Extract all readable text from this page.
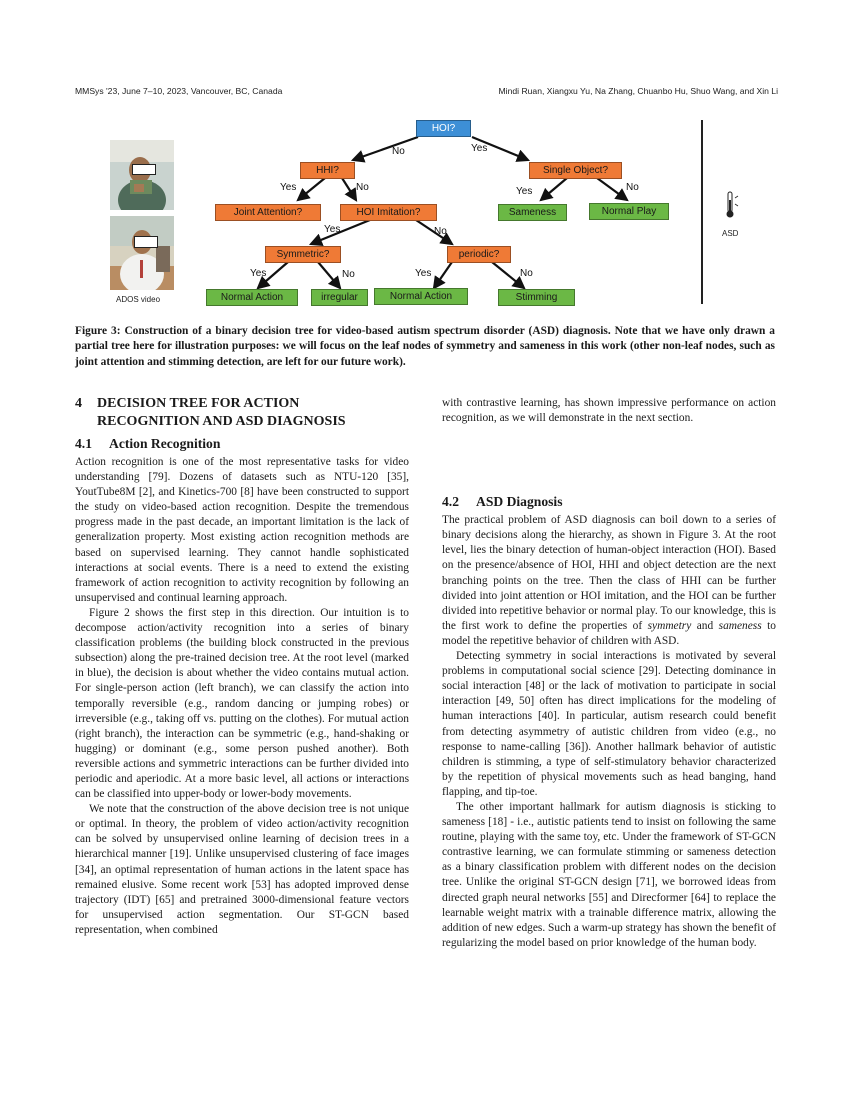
MMSys '23, June 7–10, 2023, Vancouver, BC, Canada	Mindi Ruan, Xiangxu Yu, Na Zhang, Chuanbo Hu, Shuo Wang, and Xin Li
ADOS video
HOI?
HHI?	Single Object?
Joint Attention?	HOI Imitation?	Sameness	Normal Play
Symmetric?	periodic?
Normal Action	irregular	Normal Action	Stimming
No	Yes
Yes	No	Yes	No
Yes	No
Yes	No	Yes	No
ASD
Figure 3: Construction of a binary decision tree for video-based autism spectrum disorder (ASD) diagnosis. Note that we have only drawn a partial tree here for illustration purposes: we will focus on the leaf nodes of symmetry and sameness in this work (other non-leaf nodes, such as joint attention and stimming detection, are left for our future work).
4 DECISION TREE FOR ACTION
RECOGNITION AND ASD DIAGNOSIS
4.1 Action Recognition

Action recognition is one of the most representative tasks for video understanding [79]. Dozens of datasets such as NTU-120 [35], YoutTube8M [2], and Kinetics-700 [8] have been constructed to support the study on video-based action recognition. Despite the tremendous progress made in the past decade, an important limitation is the lack of generalization property. Most existing action recognition methods are based on supervised learning. They cannot handle sophisticated interactions at social events. There is a need to extend the existing framework of action recognition to activity recognition by following an unsupervised and continual learning approach.

Figure 2 shows the first step in this direction. Our intuition is to decompose action/activity recognition into a series of binary classification problems (the building block constructed in the previous subsection) along the pre-trained decision tree. At the root level (marked in blue), the decision is about whether the video contains mutual action. For single-person action (left branch), we can classify the action into temporally reversible (e.g., random dancing or jumping robes) or irreversible (e.g., taking off vs. putting on the clothes). For mutual action (right branch), the interaction can be symmetric (e.g., hand-shaking or hugging) or dominant (e.g., some person pushed another). Both reversible actions and symmetric interactions can be further divided into periodic and aperiodic. At a more basic level, all actions or interactions can be classified into upper-body or lower-body movements.

We note that the construction of the above decision tree is not unique or optimal. In theory, the problem of video action/activity recognition can be solved by unsupervised online learning of decision trees in a hierarchical manner [19]. Unlike unsupervised clustering of face images [34], an optimal representation of human actions in the latent space has remained elusive. Some recent work [53] has adopted improved dense trajectory (IDT) [65] and pretrained 3000-dimensional feature vectors for unsupervised action segmentation. Our ST-GCN based representation, when combined

with contrastive learning, has shown impressive performance on action recognition, as we will demonstrate in the next section.

4.2 ASD Diagnosis

The practical problem of ASD diagnosis can boil down to a series of binary decisions along the hierarchy, as shown in Figure 3. At the root level, lies the binary detection of human-object interaction (HOI). Based on the presence/absence of HOI, HHI and object detection are the next branching points on the tree. Then the class of HHI can be further divided into joint attention or HOI imitation, and the HOI can be further divided into repetitive behavior or normal play. To our knowledge, this is the first work to define the properties of symmetry and sameness to model the repetitive behavior of children with ASD.

Detecting symmetry in social interactions is motivated by several problems in computational social science [29]. Detecting dominance in social interaction [48] or the lack of motivation to participate in social interaction [49, 50] often has direct implications for the modeling of human interactions [40]. In particular, autism research could benefit from detecting asymmetry of autistic children from video (e.g., no response to name-calling [36]). Another hallmark behavior of autistic children is stimming, a type of self-stimulatory behavior characterized by the repetition of physical movements such as head banging, hand flapping, and tip-toe.

The other important hallmark for autism diagnosis is sticking to sameness [18] - i.e., autistic patients tend to insist on following the same routine, playing with the same toy, etc. Under the framework of ST-GCN contrastive learning, we can formulate stimming or sameness detection as a binary classification problem with different nodes on the decision tree. Unlike the original ST-GCN design [71], we borrowed ideas from directed graph neural networks [55] and Direcformer [64] to replace the learnable weight matrix with a trainable difference matrix, allowing the addition of new edges. Such a warm-up strategy has shown the benefit of regularizing the model based on prior knowledge of the human body.
